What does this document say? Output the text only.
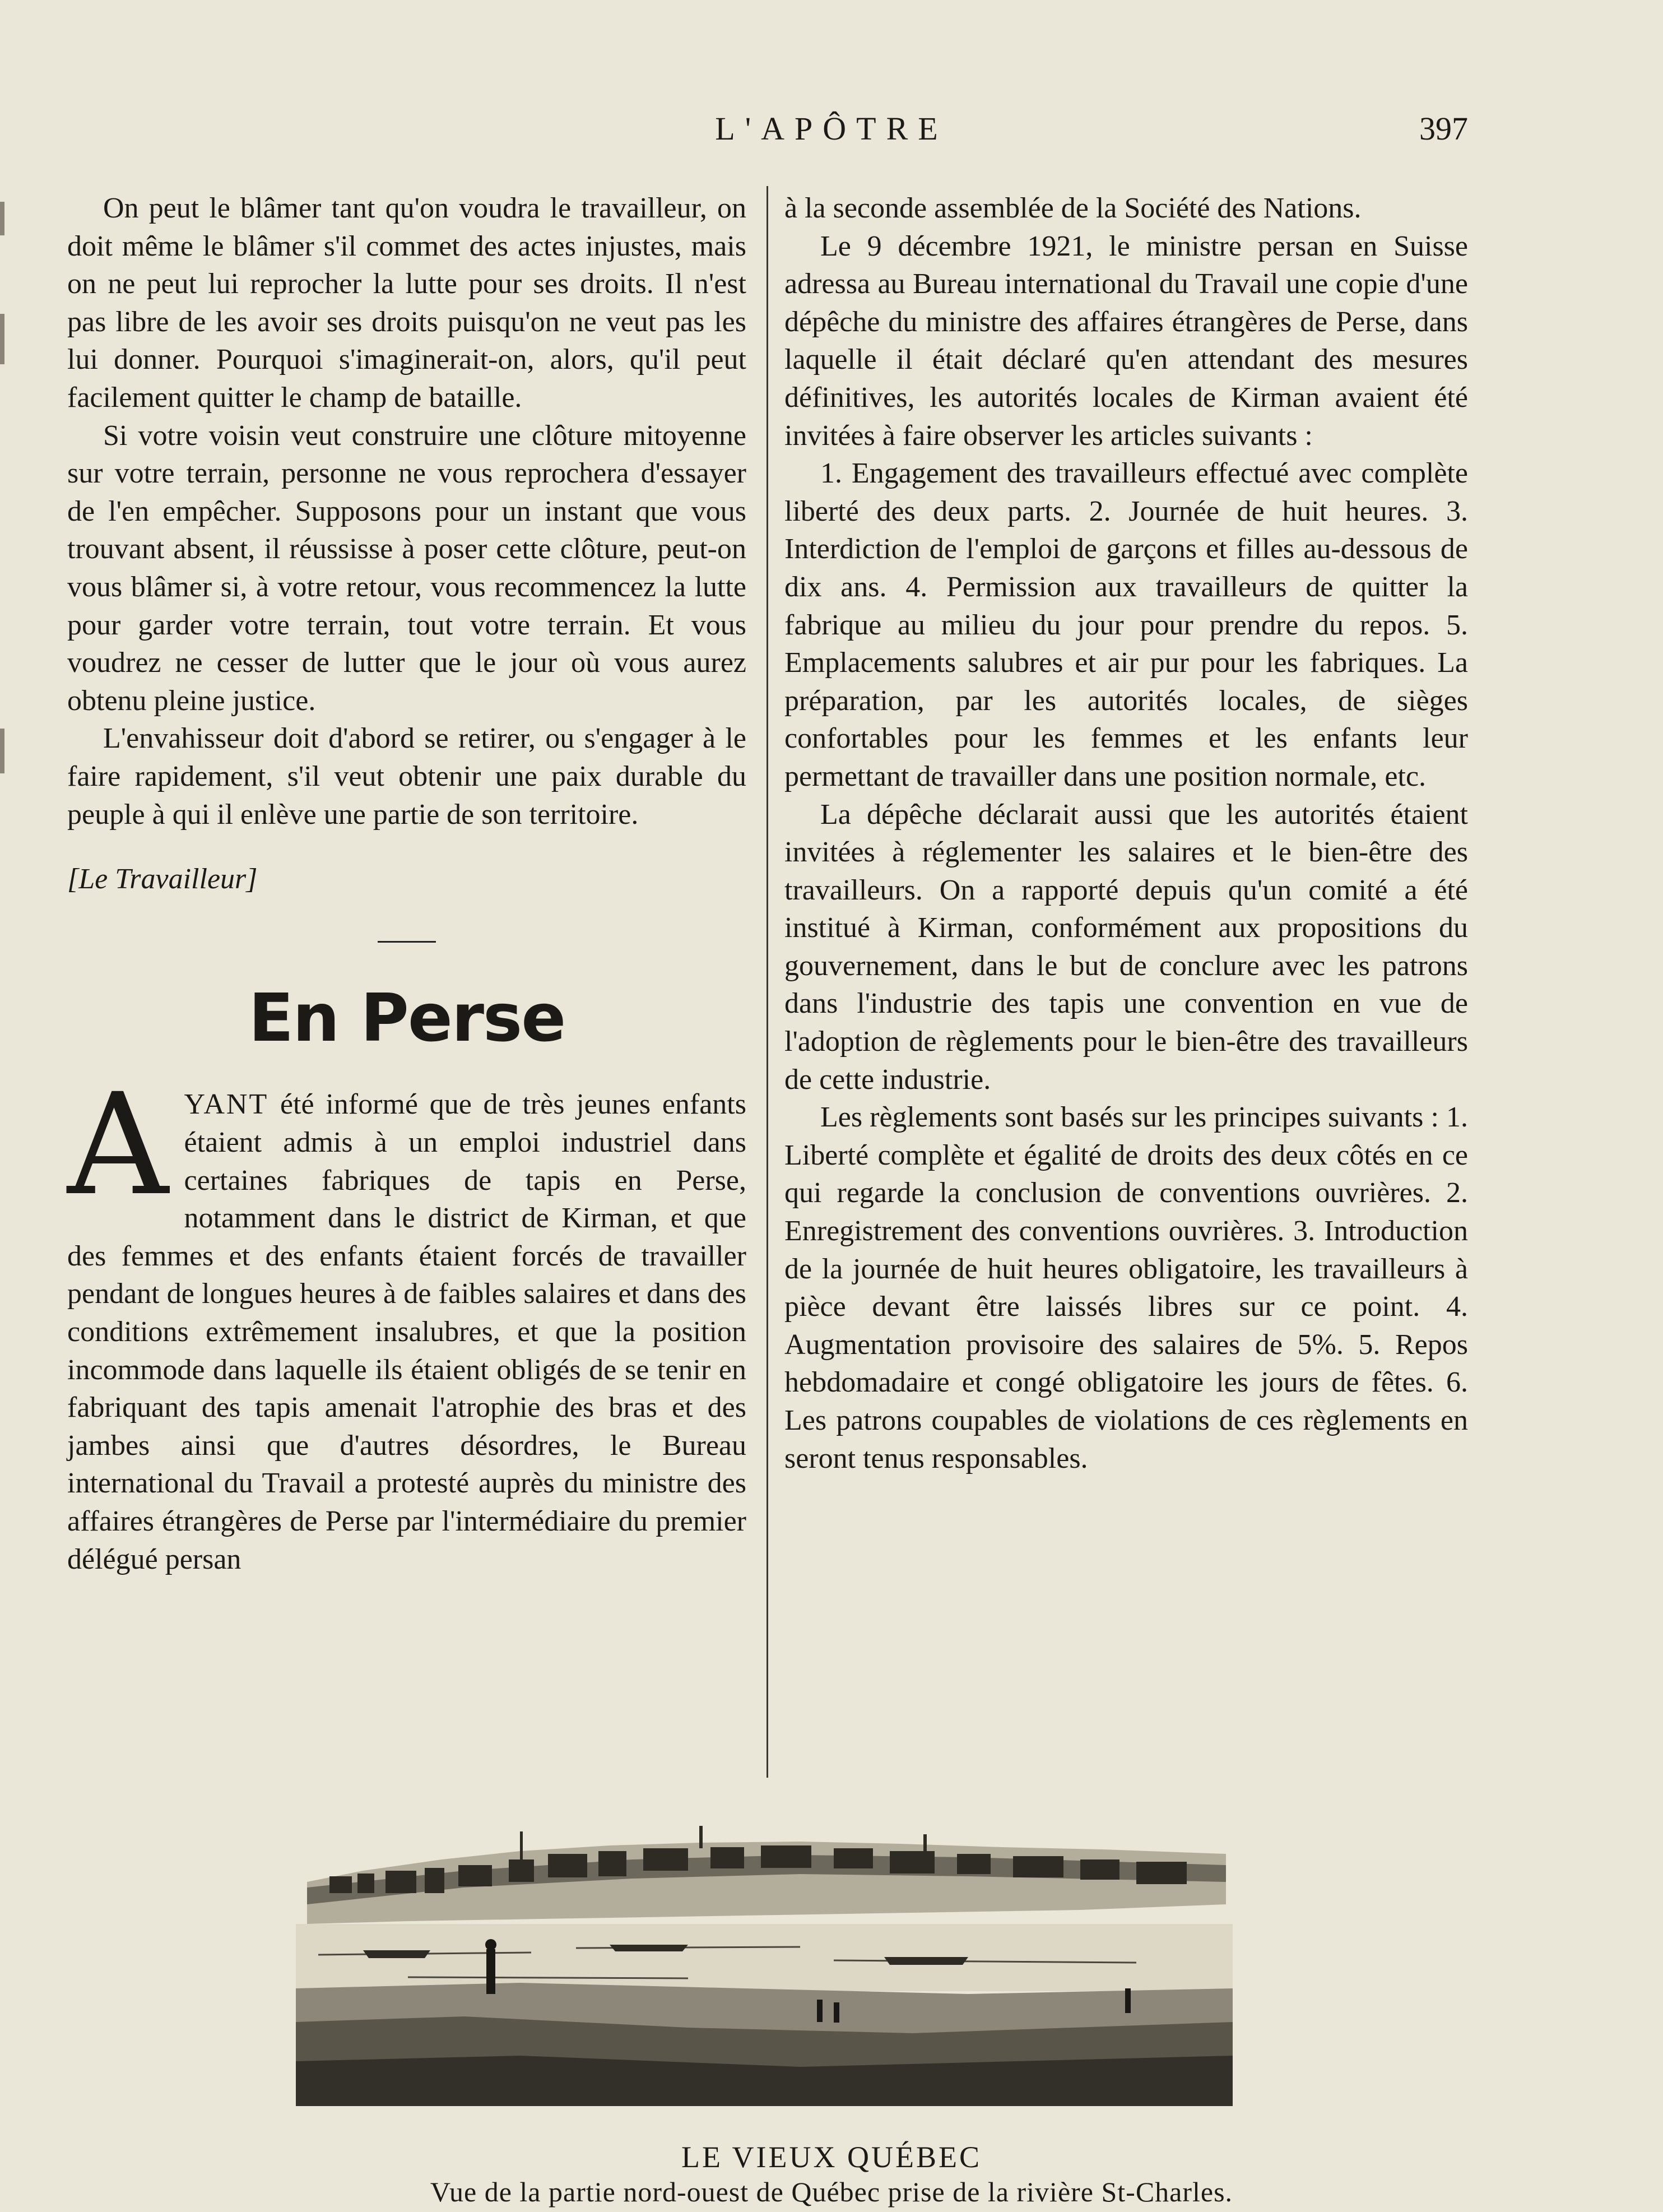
L'APÔTRE	397

On peut le blâmer tant qu'on voudra le travailleur, on doit même le blâmer s'il commet des actes injustes, mais on ne peut lui reprocher la lutte pour ses droits. Il n'est pas libre de les avoir ses droits puisqu'on ne veut pas les lui donner. Pourquoi s'imaginerait-on, alors, qu'il peut facilement quitter le champ de bataille.

Si votre voisin veut construire une clôture mitoyenne sur votre terrain, personne ne vous reprochera d'essayer de l'en empêcher. Supposons pour un instant que vous trouvant absent, il réussisse à poser cette clôture, peut-on vous blâmer si, à votre retour, vous recommencez la lutte pour garder votre terrain, tout votre terrain. Et vous voudrez ne cesser de lutter que le jour où vous aurez obtenu pleine justice.

L'envahisseur doit d'abord se retirer, ou s'engager à le faire rapidement, s'il veut obtenir une paix durable du peuple à qui il enlève une partie de son territoire.

[Le Travailleur]

En Perse

AYANT été informé que de très jeunes enfants étaient admis à un emploi industriel dans certaines fabriques de tapis en Perse, notamment dans le district de Kirman, et que des femmes et des enfants étaient forcés de travailler pendant de longues heures à de faibles salaires et dans des conditions extrêmement insalubres, et que la position incommode dans laquelle ils étaient obligés de se tenir en fabriquant des tapis amenait l'atrophie des bras et des jambes ainsi que d'autres désordres, le Bureau international du Travail a protesté auprès du ministre des affaires étrangères de Perse par l'intermédiaire du premier délégué persan

à la seconde assemblée de la Société des Nations.

Le 9 décembre 1921, le ministre persan en Suisse adressa au Bureau international du Travail une copie d'une dépêche du ministre des affaires étrangères de Perse, dans laquelle il était déclaré qu'en attendant des mesures définitives, les autorités locales de Kirman avaient été invitées à faire observer les articles suivants :

1. Engagement des travailleurs effectué avec complète liberté des deux parts. 2. Journée de huit heures. 3. Interdiction de l'emploi de garçons et filles au-dessous de dix ans. 4. Permission aux travailleurs de quitter la fabrique au milieu du jour pour prendre du repos. 5. Emplacements salubres et air pur pour les fabriques. La préparation, par les autorités locales, de sièges confortables pour les femmes et les enfants leur permettant de travailler dans une position normale, etc.

La dépêche déclarait aussi que les autorités étaient invitées à réglementer les salaires et le bien-être des travailleurs. On a rapporté depuis qu'un comité a été institué à Kirman, conformément aux propositions du gouvernement, dans le but de conclure avec les patrons dans l'industrie des tapis une convention en vue de l'adoption de règlements pour le bien-être des travailleurs de cette industrie.

Les règlements sont basés sur les principes suivants : 1. Liberté complète et égalité de droits des deux côtés en ce qui regarde la conclusion de conventions ouvrières. 2. Enregistrement des conventions ouvrières. 3. Introduction de la journée de huit heures obligatoire, les travailleurs à pièce devant être laissés libres sur ce point. 4. Augmentation provisoire des salaires de 5%. 5. Repos hebdomadaire et congé obligatoire les jours de fêtes. 6. Les patrons coupables de violations de ces règlements en seront tenus responsables.

LE VIEUX QUÉBEC
Vue de la partie nord-ouest de Québec prise de la rivière St-Charles.
